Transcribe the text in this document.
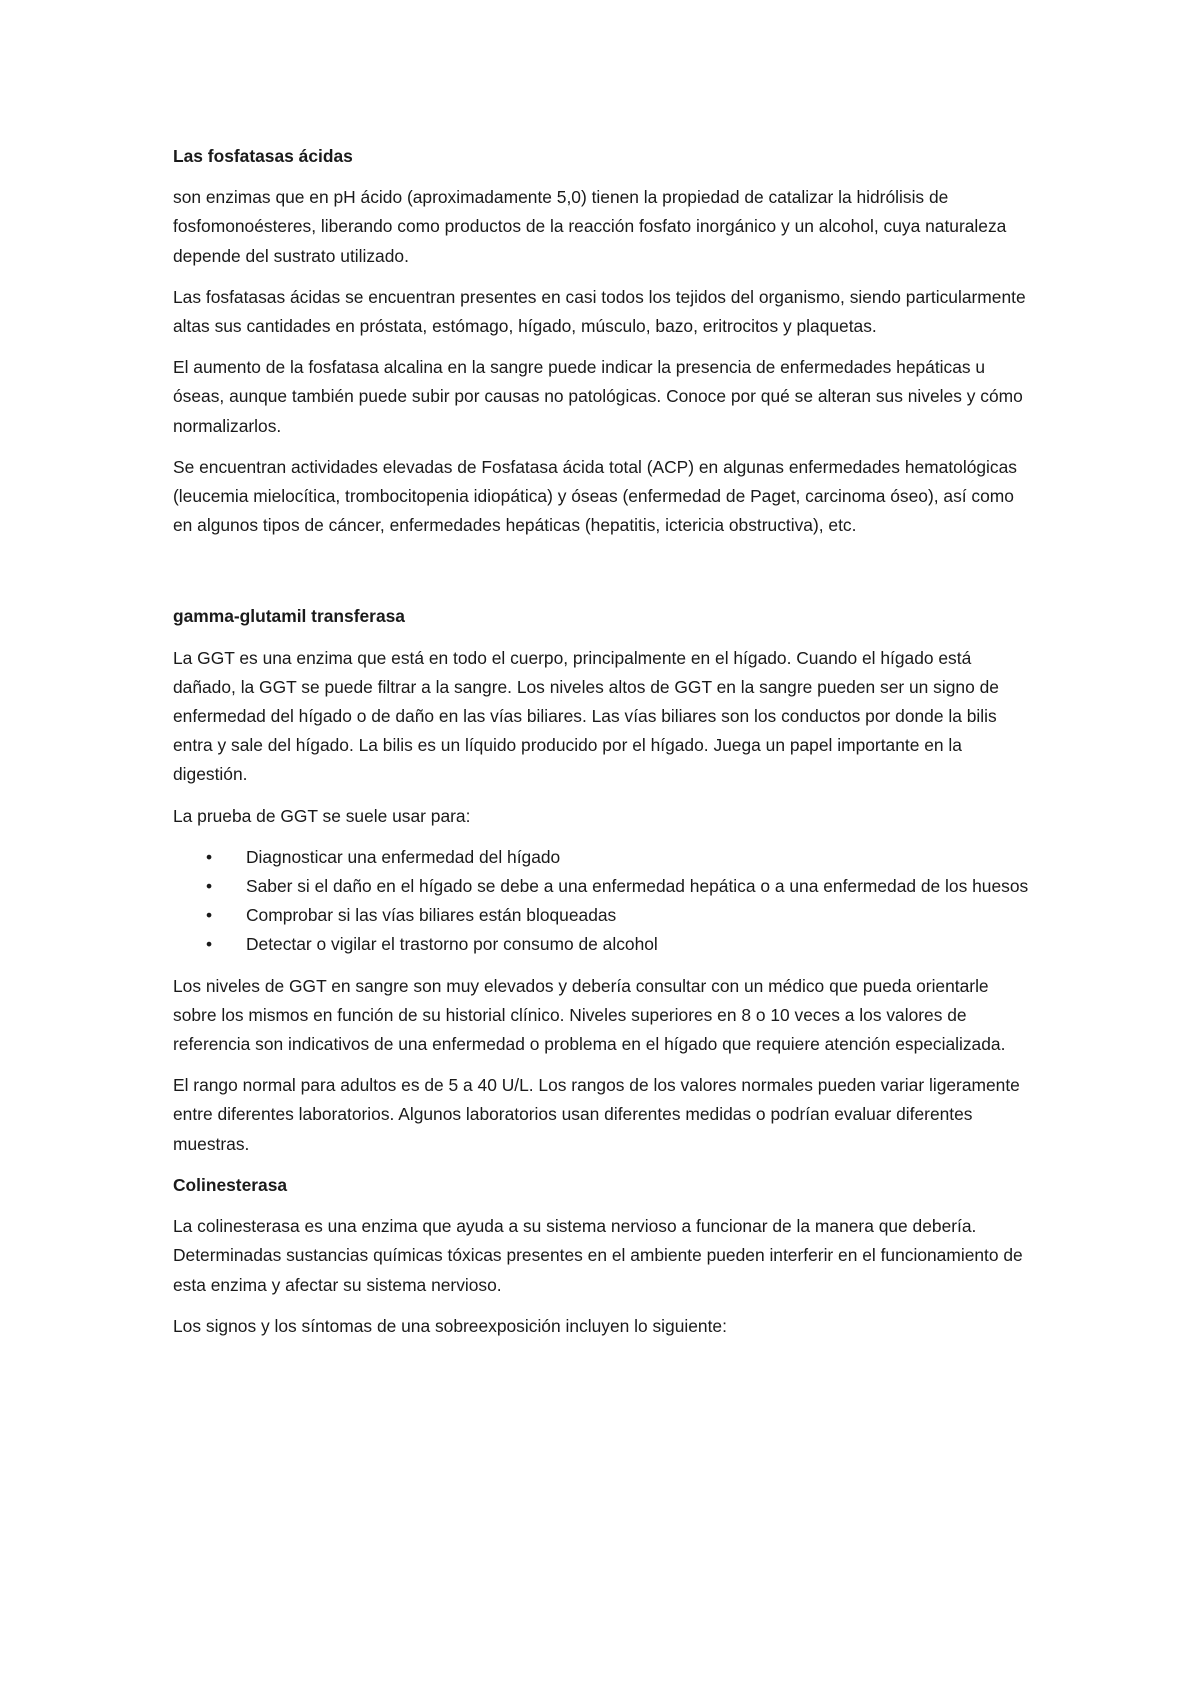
Las fosfatasas ácidas

son enzimas que en pH ácido (aproximadamente 5,0) tienen la propiedad de catalizar la hidrólisis de fosfomonoésteres, liberando como productos de la reacción fosfato inorgánico y un alcohol, cuya naturaleza depende del sustrato utilizado.

Las fosfatasas ácidas se encuentran presentes en casi todos los tejidos del organismo, siendo particularmente altas sus cantidades en próstata, estómago, hígado, músculo, bazo, eritrocitos y plaquetas.

El aumento de la fosfatasa alcalina en la sangre puede indicar la presencia de enfermedades hepáticas u óseas, aunque también puede subir por causas no patológicas. Conoce por qué se alteran sus niveles y cómo normalizarlos.

Se encuentran actividades elevadas de Fosfatasa ácida total (ACP) en algunas enfermedades hematológicas (leucemia mielocítica, trombocitopenia idiopática) y óseas (enfermedad de Paget, carcinoma óseo), así como en algunos tipos de cáncer, enfermedades hepáticas (hepatitis, ictericia obstructiva), etc.

gamma-glutamil transferasa

La GGT es una enzima que está en todo el cuerpo, principalmente en el hígado. Cuando el hígado está dañado, la GGT se puede filtrar a la sangre. Los niveles altos de GGT en la sangre pueden ser un signo de enfermedad del hígado o de daño en las vías biliares. Las vías biliares son los conductos por donde la bilis entra y sale del hígado. La bilis es un líquido producido por el hígado. Juega un papel importante en la digestión.

La prueba de GGT se suele usar para:

• Diagnosticar una enfermedad del hígado
• Saber si el daño en el hígado se debe a una enfermedad hepática o a una enfermedad de los huesos
• Comprobar si las vías biliares están bloqueadas
• Detectar o vigilar el trastorno por consumo de alcohol

Los niveles de GGT en sangre son muy elevados y debería consultar con un médico que pueda orientarle sobre los mismos en función de su historial clínico. Niveles superiores en 8 o 10 veces a los valores de referencia son indicativos de una enfermedad o problema en el hígado que requiere atención especializada.

El rango normal para adultos es de 5 a 40 U/L. Los rangos de los valores normales pueden variar ligeramente entre diferentes laboratorios. Algunos laboratorios usan diferentes medidas o podrían evaluar diferentes muestras.

Colinesterasa

La colinesterasa es una enzima que ayuda a su sistema nervioso a funcionar de la manera que debería. Determinadas sustancias químicas tóxicas presentes en el ambiente pueden interferir en el funcionamiento de esta enzima y afectar su sistema nervioso.

Los signos y los síntomas de una sobreexposición incluyen lo siguiente:
